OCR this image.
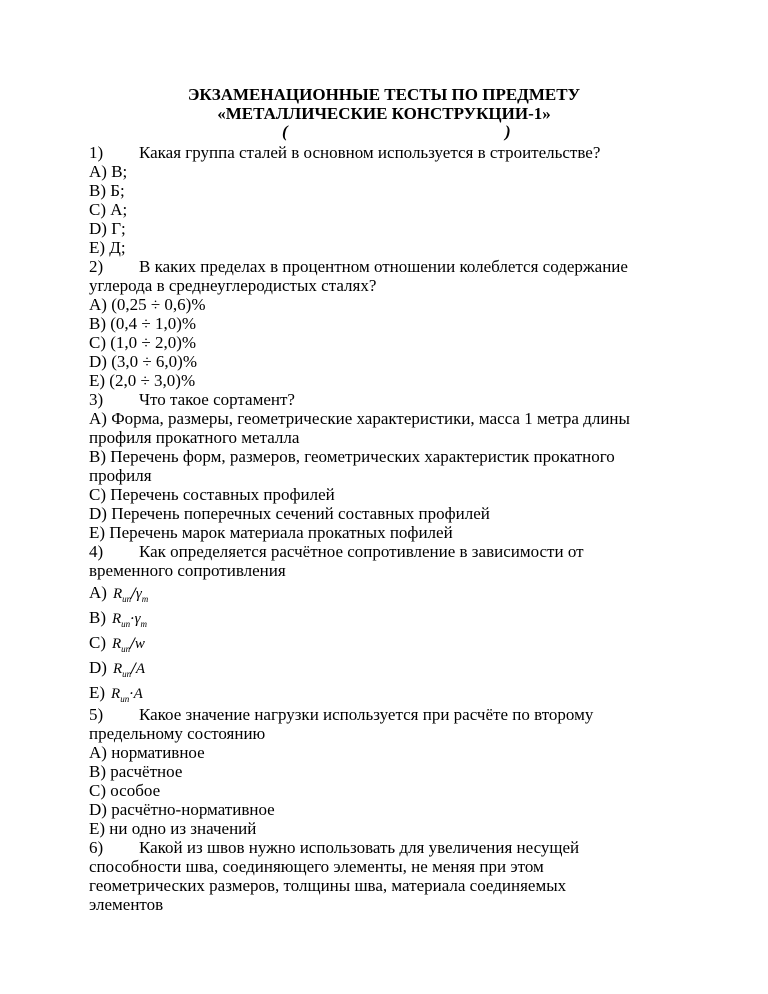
ЭКЗАМЕНАЦИОННЫЕ ТЕСТЫ ПО ПРЕДМЕТУ
«МЕТАЛЛИЧЕСКИЕ КОНСТРУКЦИИ-1»
(	)
1) Какая группа сталей в основном используется в строительстве?
A) В;
B) Б;
C) А;
D) Г;
E) Д;
2) В каких пределах в процентном отношении колеблется содержание
углерода в среднеуглеродистых сталях?
A) (0,25 ÷ 0,6)%
B) (0,4 ÷ 1,0)%
C) (1,0 ÷ 2,0)%
D) (3,0 ÷ 6,0)%
E) (2,0 ÷ 3,0)%
3) Что такое сортамент?
A) Форма, размеры, геометрические характеристики, масса 1 метра длины
профиля прокатного металла
B) Перечень форм, размеров, геометрических характеристик прокатного
профиля
C) Перечень составных профилей
D) Перечень поперечных сечений составных профилей
E) Перечень марок материала прокатных пофилей
4) Как определяется расчётное сопротивление в зависимости от
временного сопротивления
A) $R_{un}/\gamma_m$
B) $R_{un}\cdot\gamma_m$
C) $R_{un}/w$
D) $R_{un}/A$
E) $R_{un}\cdot A$
5) Какое значение нагрузки используется при расчёте по второму
предельному состоянию
A) нормативное
B) расчётное
C) особое
D) расчётно-нормативное
E) ни одно из значений
6) Какой из швов нужно использовать для увеличения несущей
способности шва, соединяющего элементы, не меняя при этом
геометрических размеров, толщины шва, материала соединяемых
элементов
